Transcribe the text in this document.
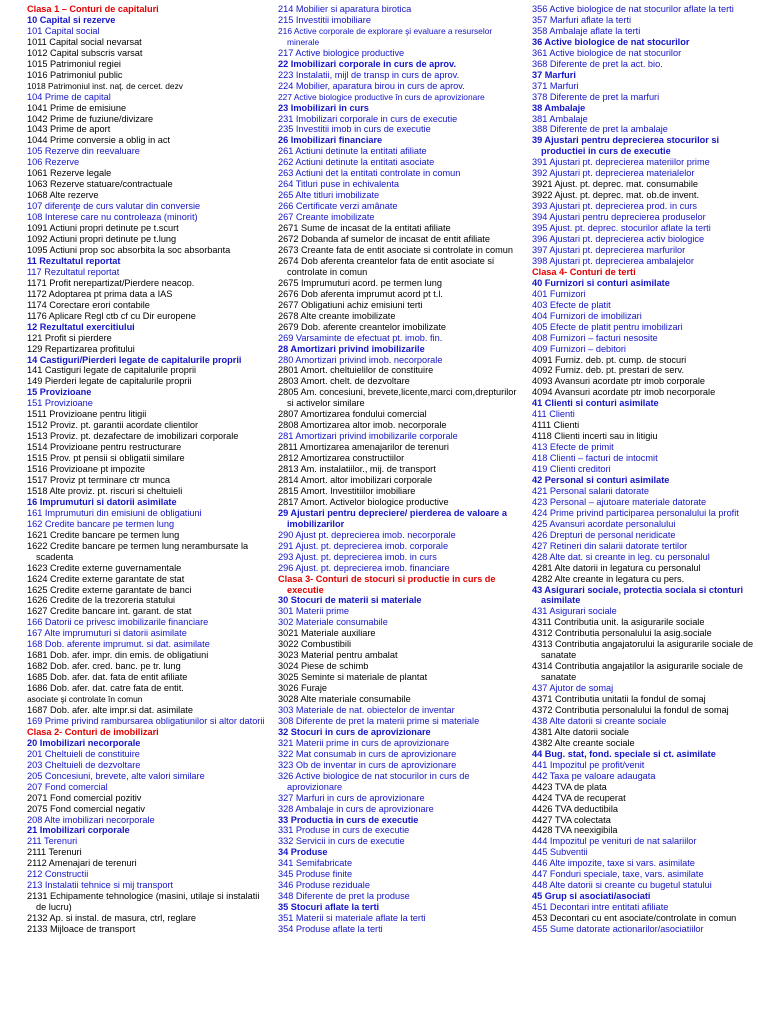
Clasa 1 – Conturi de capitaluri
10 Capital si rezerve
101 Capital social
1011 Capital social nevarsat
1012 Capital subscris varsat
1015 Patrimoniul regiei
1016 Patrimoniul public
1018 Patrimoniul inst. naţ. de cercet. dezv
104 Prime de capital
1041 Prime de emisiune
1042 Prime de fuziune/divizare
1043 Prime de aport
1044 Prime conversie a oblig in act
105 Rezerve din reevaluare
106 Rezerve
1061 Rezerve legale
1063 Rezerve statuare/contractuale
1068 Alte rezerve
107 diferenţe de curs valutar din conversie
108 Interese care nu controleaza (minorit)
1091 Actiuni propri detinute pe t.scurt
1092 Actiuni propri detinute pe t.lung
1095 Actiuni prop soc absorbita la soc absorbanta
11 Rezultatul reportat
117 Rezultatul reportat
1171 Profit nerepartizat/Pierdere neacop.
1172 Adoptarea pt prima data a IAS
1174 Corectare erori contabile
1176 Aplicare Regl ctb cf cu Dir europene
12 Rezultatul exercitiului
121 Profit si pierdere
129 Repartizarea profitului
14 Castiguri/Pierderi legate de capitalurile proprii
141 Castiguri legate de capitalurile proprii
149 Pierderi legate de capitalurile proprii
15 Provizioane
151 Provizioane
1511 Provizioane pentru litigii
1512 Proviz. pt. garantii acordate clientilor
1513 Proviz. pt. dezafectare de imobilizari corporale
1514 Provizioane pentru restructurare
1515 Prov. pt pensii si obligatii similare
1516 Provizioane pt impozite
1517 Proviz pt terminare ctr munca
1518 Alte proviz. pt. riscuri si cheltuieli
16 Imprumuturi si datorii asimilate
161 Imprumuturi din emisiuni de obligatiuni
162 Credite bancare pe termen lung
1621 Credite bancare pe termen lung
1622 Credite bancare pe termen lung nerambursate la scadenta
1623 Credite externe guvernamentale
1624 Credite externe garantate de stat
1625 Credite externe garantate de banci
1626 Credite de la trezoreria statului
1627 Credite bancare int. garant. de stat
166 Datorii ce privesc imobilizarile financiare
167 Alte imprumuturi si datorii asimilate
168 Dob. aferente imprumut. si dat. asimilate
1681 Dob. afer. impr. din emis. de obligatiuni
1682 Dob. afer. cred. banc. pe tr. lung
1685 Dob. afer. dat. fata de entit afiliate
1686 Dob. afer. dat. catre fata de entit.
asociate şi controlate în comun
1687 Dob. afer. alte impr.si dat. asimilate
169 Prime privind rambursarea obligatiunilor si altor datorii
Clasa 2- Conturi de imobilizari
20 Imobilizari necorporale
201 Cheltuieli de constituire
203 Cheltuieli de dezvoltare
205 Concesiuni, brevete, alte valori similare
207 Fond comercial
2071 Fond comercial pozitiv
2075 Fond comercial negativ
208 Alte imobilizari necorporale
21 Imobilizari corporale
211 Terenuri
2111 Terenuri
2112 Amenajari de terenuri
212 Constructii
213 Instalatii tehnice si mij transport
2131 Echipamente tehnologice (masini, utilaje si instalatii de lucru)
2132 Ap. si instal. de masura, ctrl, reglare
2133 Mijloace de transport
214 Mobilier si aparatura birotica
215 Investitii imobiliare
216 Active corporale de explorare şi evaluare a resurselor minerale
217 Active biologice productive
22 Imobilizari corporale in curs de aprov.
223 Instalatii, mijl de transp in curs de aprov.
224 Mobilier, aparatura birou in curs de aprov.
227 Active biologice productive în curs de aprovizionare
23 Imobilizari in curs
231 Imobilizari corporale in curs de executie
235 Investitii imob in curs de executie
26 Imobilizari financiare
261 Actiuni detinute la entitati afiliate
262 Actiuni detinute la entitati asociate
263 Actiuni det la entitati controlate in comun
264 Titluri puse in echivalenta
265 Alte titluri imobilizate
266 Certificate verzi amânate
267 Creante imobilizate
2671 Sume de incasat de la entitati afiliate
2672 Dobanda af sumelor de incasat de entit afiliate
2673 Creante fata de entit asociate si controlate in comun
2674 Dob aferenta creantelor fata de entit asociate si controlate in comun
2675 Imprumuturi acord. pe termen lung
2676 Dob aferenta imprumut acord pt t.l.
2677 Obligatiuni achiz emisiuni terti
2678 Alte creante imobilizate
2679 Dob. aferente creantelor imobilizate
269 Varsaminte de efectuat pt. imob. fin.
28 Amortizari privind imobilizarile
280 Amortizari privind imob. necorporale
2801 Amort. cheltuielilor de constituire
2803 Amort. chelt. de dezvoltare
2805 Am. concesiuni, brevete,licente,marci com,drepturilor si activelor similare
2807 Amortizarea fondului comercial
2808 Amortizarea altor imob. necorporale
281 Amortizari privind imobilizarile corporale
2811 Amortizarea amenajarilor de terenuri
2812 Amortizarea constructiilor
2813 Am. instalatiilor., mij. de transport
2814 Amort. altor imobilizari corporale
2815 Amort. Investitiilor imobiliare
2817 Amort. Activelor biologice productive
29 Ajustari pentru depreciere/ pierderea de valoare a imobilizarilor
290 Ajust pt. deprecierea imob. necorporale
291 Ajust. pt. deprecierea imob. corporale
293 Ajust. pt. deprecierea imob. in curs
296 Ajust. pt. deprecierea imob. financiare
Clasa 3- Conturi de stocuri si productie in curs de executie
30 Stocuri de materii si materiale
301 Materii prime
302 Materiale consumabile
3021 Materiale auxiliare
3022 Combustibili
3023 Material pentru ambalat
3024 Piese de schimb
3025 Seminte si materiale de plantat
3026 Furaje
3028 Alte materiale consumabile
303 Materiale de nat. obiectelor de inventar
308 Diferente de pret la materii prime si materiale
32 Stocuri in curs de aprovizionare
321 Materii prime in curs de aprovizionare
322 Mat consumab in curs de aprovizionare
323 Ob de inventar in curs de aprovizionare
326 Active biologice de nat stocurilor in curs de aprovizionare
327 Marfuri in curs de aprovizionare
328 Ambalaje in curs de aprovizionare
33 Productia in curs de executie
331 Produse in curs de executie
332 Servicii in curs de executie
34 Produse
341 Semifabricate
345 Produse finite
346 Produse reziduale
348 Diferente de pret la produse
35 Stocuri aflate la terti
351 Materii si materiale aflate la terti
354 Produse aflate la terti
356 Active biologice de nat stocurilor aflate la terti
357 Marfuri aflate la terti
358 Ambalaje aflate la terti
36 Active biologice de nat stocurilor
361 Active biologice de nat stocurilor
368 Diferente de pret la act. bio.
37 Marfuri
371 Marfuri
378 Diferente de pret la marfuri
38 Ambalaje
381 Ambalaje
388 Diferente de pret la ambalaje
39 Ajustari pentru deprecierea stocurilor si productiei in curs de executie
391 Ajustari pt. deprecierea materiilor prime
392 Ajustari pt. deprecierea materialelor
3921 Ajust. pt. deprec. mat. consumabile
3922 Ajust. pt. deprec. mat. ob.de invent.
393 Ajustari pt. deprecierea prod. in curs
394 Ajustari pentru deprecierea produselor
395 Ajust. pt. deprec. stocurilor aflate la terti
396 Ajustari pt. deprecierea activ biologice
397 Ajustari pt. deprecierea marfurilor
398 Ajustari pt. deprecierea ambalajelor
Clasa 4- Conturi de terti
40 Furnizori si conturi asimilate
401 Furnizori
403 Efecte de platit
404 Furnizori de imobilizari
405 Efecte de platit pentru imobilizari
408 Furnizori – facturi nesosite
409 Furnizori – debitori
4091 Furniz. deb. pt. cump. de stocuri
4092 Furniz. deb. pt. prestari de serv.
4093 Avansuri acordate ptr imob corporale
4094 Avansuri acordate ptr imob necorporale
41 Clienti si conturi asimilate
411 Clienti
4111 Clienti
4118 Clienti incerti sau in litigiu
413 Efecte de primit
418 Clienti – facturi de intocmit
419 Clienti creditori
42 Personal si conturi asimilate
421 Personal salarii datorate
423 Personal – ajutoare materiale datorate
424 Prime privind participarea personalului la profit
425 Avansuri acordate personalului
426 Drepturi de personal neridicate
427 Retineri din salarii datorate tertilor
428 Alte dat. si creante in leg. cu personalul
4281 Alte datorii in legatura cu personalul
4282 Alte creante in legatura cu pers.
43 Asigurari sociale, protectia sociala si ctonturi asimilate
431 Asigurari sociale
4311 Contributia unit. la asigurarile sociale
4312 Contributia personalului la asig.sociale
4313 Contributia angajatorului la asigurarile sociale de sanatate
4314 Contributia angajatilor la asigurarile sociale de sanatate
437 Ajutor de somaj
4371 Contributia unitatii la fondul de somaj
4372 Contributia personalului la fondul de somaj
438 Alte datorii si creante sociale
4381 Alte datorii sociale
4382 Alte creante sociale
44 Bug. stat, fond. speciale si ct. asimilate
441 Impozitul pe profit/venit
442 Taxa pe valoare adaugata
4423 TVA de plata
4424 TVA de recuperat
4426 TVA deductibila
4427 TVA colectata
4428 TVA neexigibila
444 Impozitul pe venituri de nat salariilor
445 Subventii
446 Alte impozite, taxe si vars. asimilate
447 Fonduri speciale, taxe, vars. asimilate
448 Alte datorii si creante cu bugetul statului
45 Grup si asociati/asociati
451 Decontari intre entitati afiliate
453 Decontari cu ent asociate/controlate in comun
455 Sume datorate actionarilor/asociatiilor
